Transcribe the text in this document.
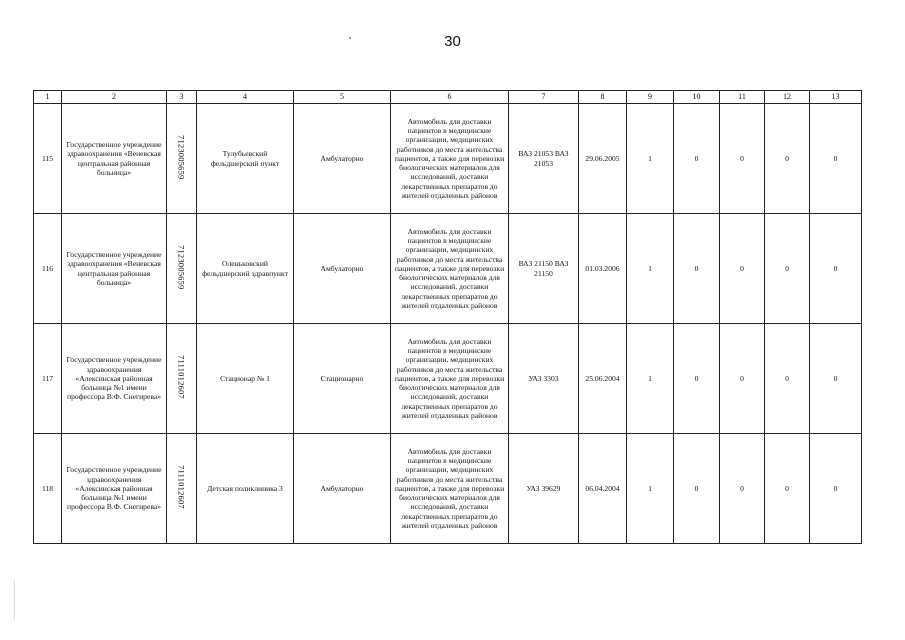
30
1	2	3	4	5	6	7	8	9	10	11	12	13
115	Государственное учреждение здравоохранения «Веневская центральная районная больница»	7123005659	Тулубьевский фельдшерский пункт	Амбулаторно	Автомобиль для доставки пациентов в медицинские организации, медицинских работников до места жительства пациентов, а также для перевозки биологических материалов для исследований, доставки лекарственных препаратов до жителей отдаленных районов	ВАЗ 21053 ВАЗ 21053	29.06.2005	1	0	0	0	0
116	Государственное учреждение здравоохранения «Веневская центральная районная больница»	7123005659	Оленьковский фельдшерский здравпункт	Амбулаторно	Автомобиль для доставки пациентов в медицинские организации, медицинских работников до места жительства пациентов, а также для перевозки биологических материалов для исследований, доставки лекарственных препаратов до жителей отдаленных районов	ВАЗ 21150 ВАЗ 21150	01.03.2006	1	0	0	0	0
117	Государственное учреждение здравоохранения «Алексинская районная больница №1 имени профессора В.Ф. Снегирева»	7111012607	Стационар № 1	Стационарно	Автомобиль для доставки пациентов в медицинские организации, медицинских работников до места жительства пациентов, а также для перевозки биологических материалов для исследований, доставки лекарственных препаратов до жителей отдаленных районов	УАЗ 3303	25.06.2004	1	0	0	0	0
118	Государственное учреждение здравоохранения «Алексинская районная больница №1 имени профессора В.Ф. Снегирева»	7111012607	Детская поликлиника 3	Амбулаторно	Автомобиль для доставки пациентов в медицинские организации, медицинских работников до места жительства пациентов, а также для перевозки биологических материалов для исследований, доставки лекарственных препаратов до жителей отдаленных районов	УАЗ 39629	06.04.2004	1	0	0	0	0
